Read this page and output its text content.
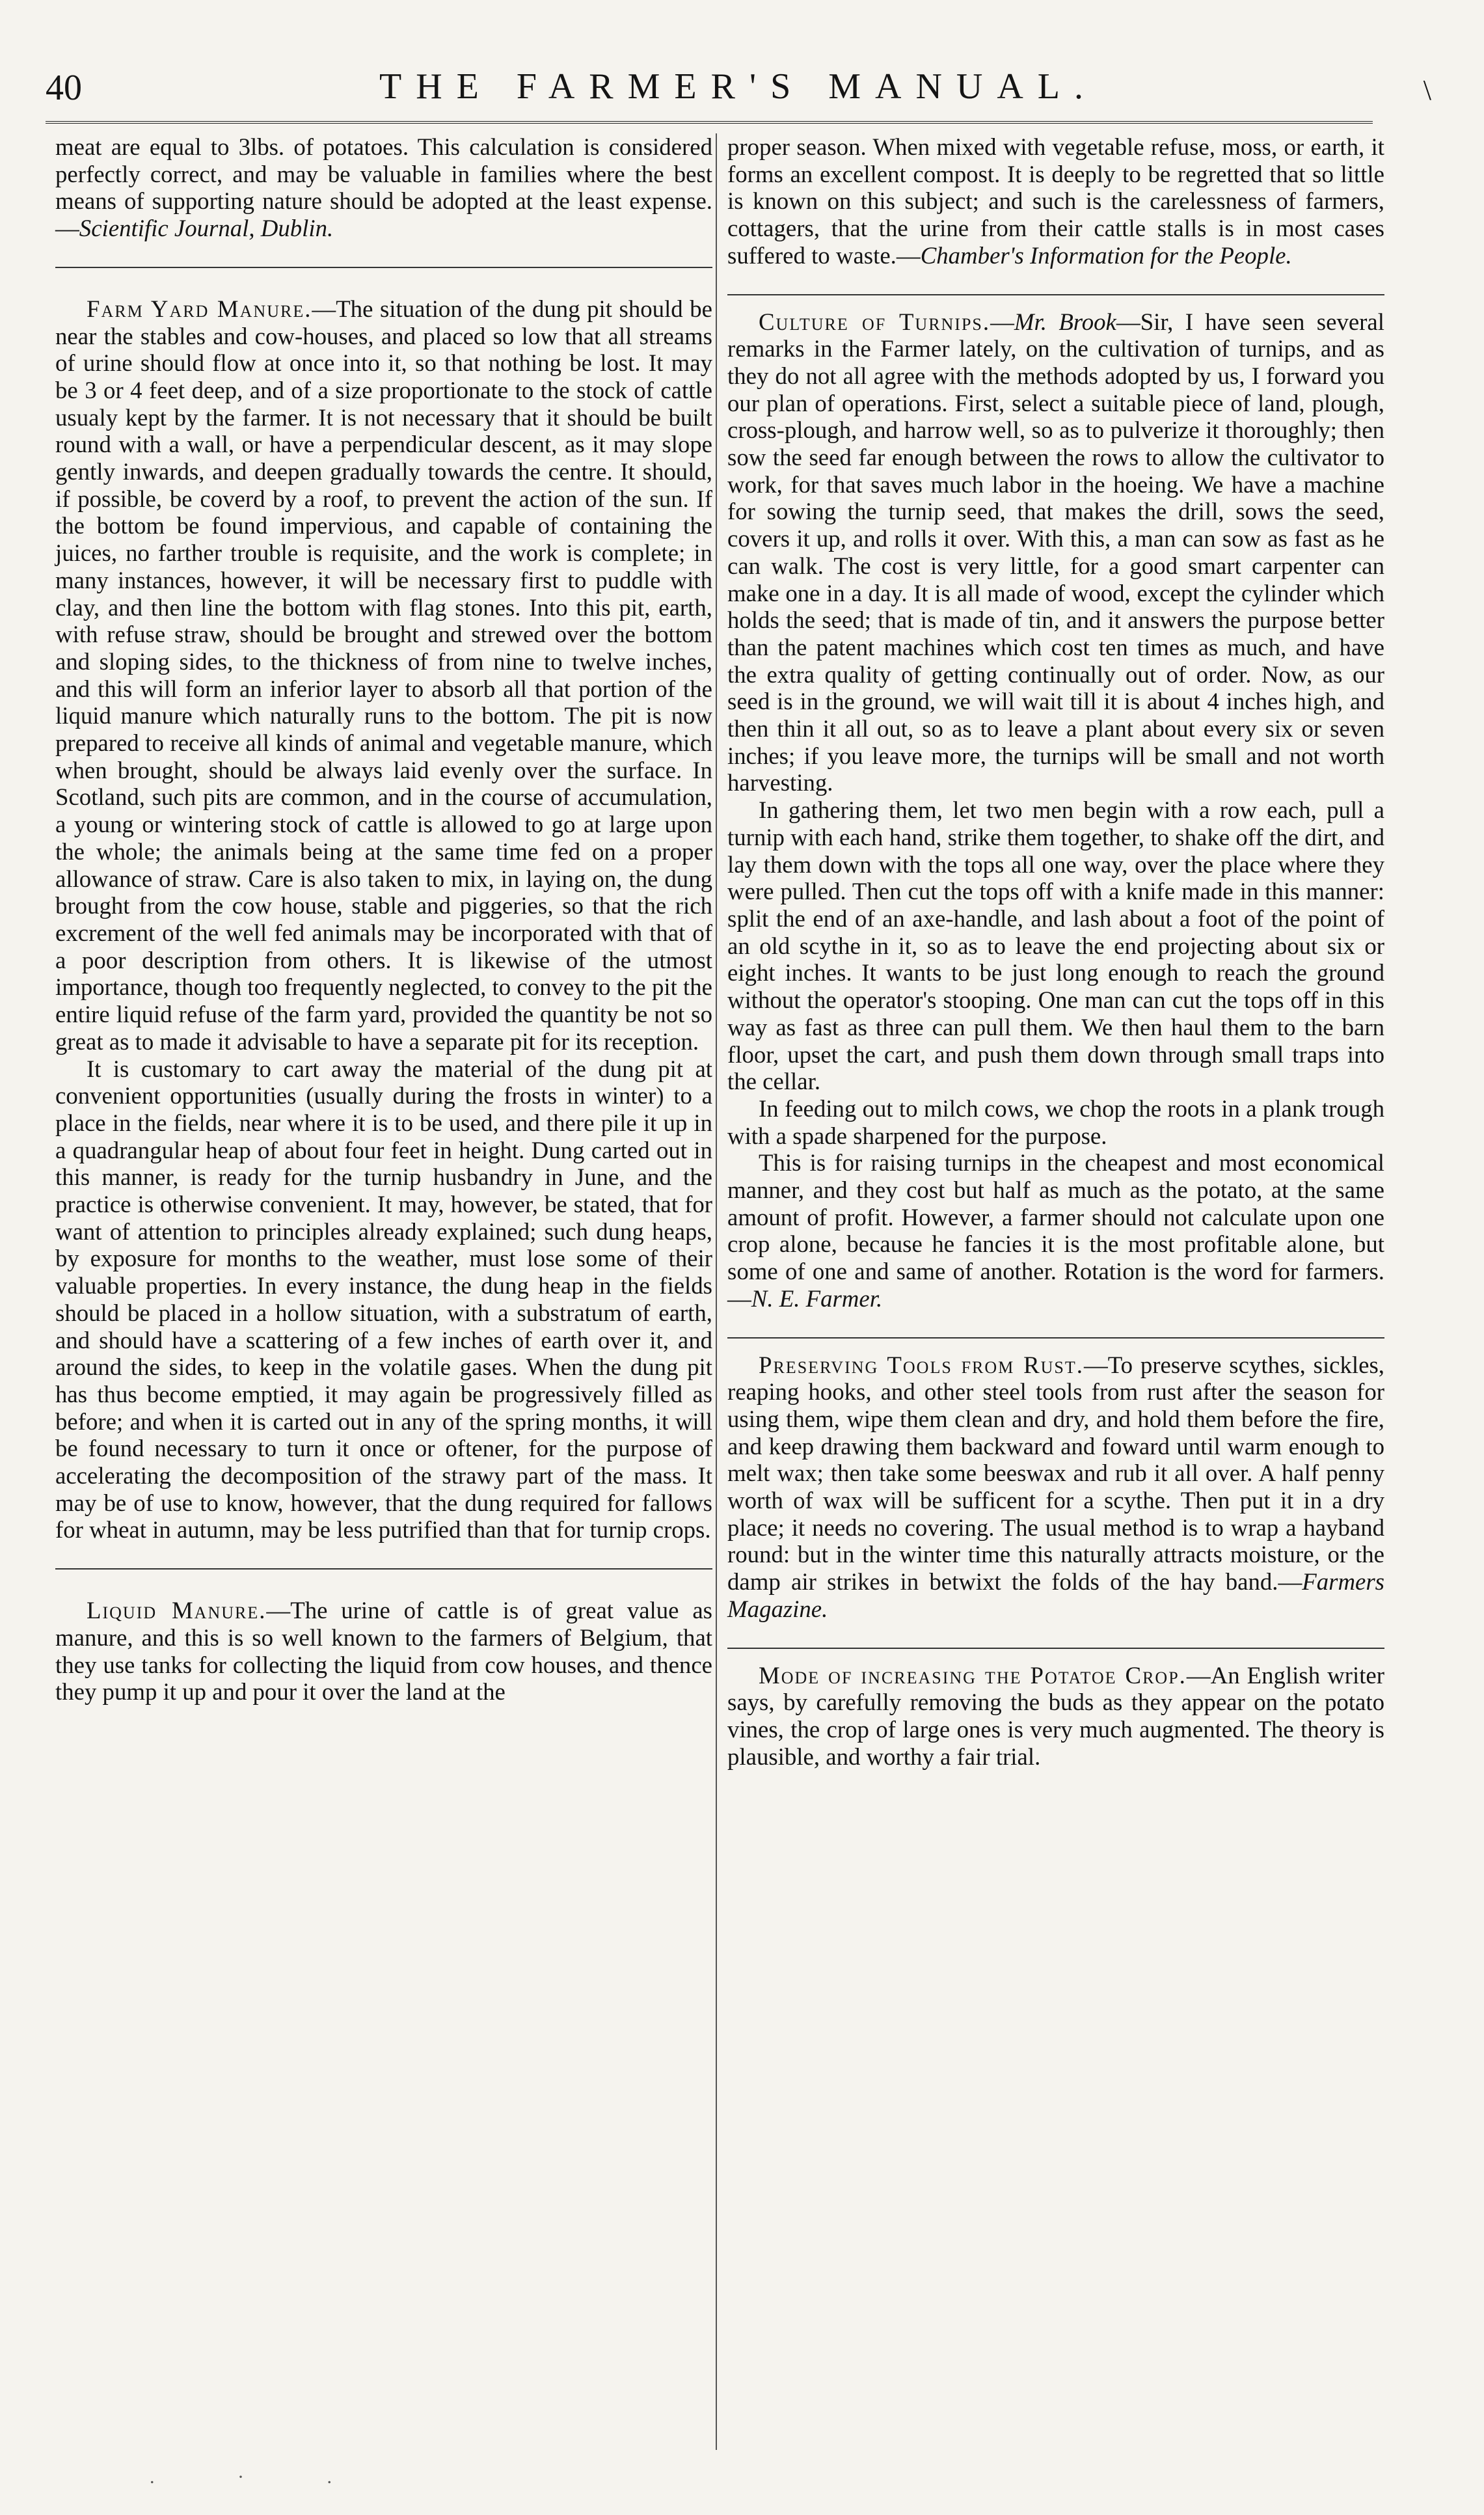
40	THE FARMER'S MANUAL.	\

meat are equal to 3lbs. of potatoes. This calculation is considered perfectly correct, and may be valuable in families where the best means of supporting nature should be adopted at the least expense.—Scientific Journal, Dublin.

Farm Yard Manure.—The situation of the dung pit should be near the stables and cow-houses, and placed so low that all streams of urine should flow at once into it, so that nothing be lost. It may be 3 or 4 feet deep, and of a size proportionate to the stock of cattle usualy kept by the farmer. It is not necessary that it should be built round with a wall, or have a perpendicular descent, as it may slope gently inwards, and deepen gradually towards the centre. It should, if possible, be coverd by a roof, to prevent the action of the sun. If the bottom be found impervious, and capable of containing the juices, no farther trouble is requisite, and the work is complete; in many instances, however, it will be necessary first to puddle with clay, and then line the bottom with flag stones. Into this pit, earth, with refuse straw, should be brought and strewed over the bottom and sloping sides, to the thickness of from nine to twelve inches, and this will form an inferior layer to absorb all that portion of the liquid manure which naturally runs to the bottom. The pit is now prepared to receive all kinds of animal and vegetable manure, which when brought, should be always laid evenly over the surface. In Scotland, such pits are common, and in the course of accumulation, a young or wintering stock of cattle is allowed to go at large upon the whole; the animals being at the same time fed on a proper allowance of straw. Care is also taken to mix, in laying on, the dung brought from the cow house, stable and piggeries, so that the rich excrement of the well fed animals may be incorporated with that of a poor description from others. It is likewise of the utmost importance, though too frequently neglected, to convey to the pit the entire liquid refuse of the farm yard, provided the quantity be not so great as to made it advisable to have a separate pit for its reception.

It is customary to cart away the material of the dung pit at convenient opportunities (usually during the frosts in winter) to a place in the fields, near where it is to be used, and there pile it up in a quadrangular heap of about four feet in height. Dung carted out in this manner, is ready for the turnip husbandry in June, and the practice is otherwise convenient. It may, however, be stated, that for want of attention to principles already explained; such dung heaps, by exposure for months to the weather, must lose some of their valuable properties. In every instance, the dung heap in the fields should be placed in a hollow situation, with a substratum of earth, and should have a scattering of a few inches of earth over it, and around the sides, to keep in the volatile gases. When the dung pit has thus become emptied, it may again be progressively filled as before; and when it is carted out in any of the spring months, it will be found necessary to turn it once or oftener, for the purpose of accelerating the decomposition of the strawy part of the mass. It may be of use to know, however, that the dung required for fallows for wheat in autumn, may be less putrified than that for turnip crops.

Liquid Manure.—The urine of cattle is of great value as manure, and this is so well known to the farmers of Belgium, that they use tanks for collecting the liquid from cow houses, and thence they pump it up and pour it over the land at the

proper season. When mixed with vegetable refuse, moss, or earth, it forms an excellent compost. It is deeply to be regretted that so little is known on this subject; and such is the carelessness of farmers, cottagers, that the urine from their cattle stalls is in most cases suffered to waste.—Chamber's Information for the People.

Culture of Turnips.—Mr. Brook—Sir, I have seen several remarks in the Farmer lately, on the cultivation of turnips, and as they do not all agree with the methods adopted by us, I forward you our plan of operations. First, select a suitable piece of land, plough, cross-plough, and harrow well, so as to pulverize it thoroughly; then sow the seed far enough between the rows to allow the cultivator to work, for that saves much labor in the hoeing. We have a machine for sowing the turnip seed, that makes the drill, sows the seed, covers it up, and rolls it over. With this, a man can sow as fast as he can walk. The cost is very little, for a good smart carpenter can make one in a day. It is all made of wood, except the cylinder which holds the seed; that is made of tin, and it answers the purpose better than the patent machines which cost ten times as much, and have the extra quality of getting continually out of order. Now, as our seed is in the ground, we will wait till it is about 4 inches high, and then thin it all out, so as to leave a plant about every six or seven inches; if you leave more, the turnips will be small and not worth harvesting.

In gathering them, let two men begin with a row each, pull a turnip with each hand, strike them together, to shake off the dirt, and lay them down with the tops all one way, over the place where they were pulled. Then cut the tops off with a knife made in this manner: split the end of an axe-handle, and lash about a foot of the point of an old scythe in it, so as to leave the end projecting about six or eight inches. It wants to be just long enough to reach the ground without the operator's stooping. One man can cut the tops off in this way as fast as three can pull them. We then haul them to the barn floor, upset the cart, and push them down through small traps into the cellar.

In feeding out to milch cows, we chop the roots in a plank trough with a spade sharpened for the purpose.

This is for raising turnips in the cheapest and most economical manner, and they cost but half as much as the potato, at the same amount of profit. However, a farmer should not calculate upon one crop alone, because he fancies it is the most profitable alone, but some of one and same of another. Rotation is the word for farmers.—N. E. Farmer.

Preserving Tools from Rust.—To preserve scythes, sickles, reaping hooks, and other steel tools from rust after the season for using them, wipe them clean and dry, and hold them before the fire, and keep drawing them backward and foward until warm enough to melt wax; then take some beeswax and rub it all over. A half penny worth of wax will be sufficent for a scythe. Then put it in a dry place; it needs no covering. The usual method is to wrap a hayband round: but in the winter time this naturally attracts moisture, or the damp air strikes in betwixt the folds of the hay band.—Farmers Magazine.

Mode of increasing the Potatoe Crop.—An English writer says, by carefully removing the buds as they appear on the potato vines, the crop of large ones is very much augmented. The theory is plausible, and worthy a fair trial.

. · .
